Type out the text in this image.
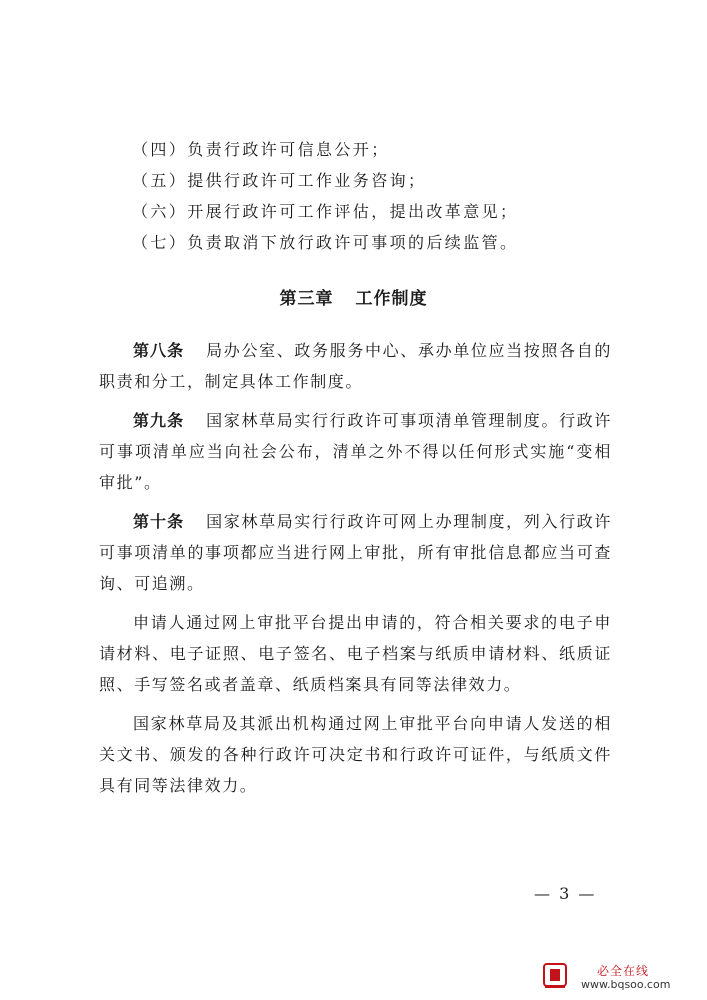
（四）负责行政许可信息公开；
（五）提供行政许可工作业务咨询；
（六）开展行政许可工作评估，提出改革意见；
（七）负责取消下放行政许可事项的后续监管。
第三章 工作制度

第八条 局办公室、政务服务中心、承办单位应当按照各自的职责和分工，制定具体工作制度。

第九条 国家林草局实行行政许可事项清单管理制度。行政许可事项清单应当向社会公布，清单之外不得以任何形式实施“变相审批”。

第十条 国家林草局实行行政许可网上办理制度，列入行政许可事项清单的事项都应当进行网上审批，所有审批信息都应当可查询、可追溯。

申请人通过网上审批平台提出申请的，符合相关要求的电子申请材料、电子证照、电子签名、电子档案与纸质申请材料、纸质证照、手写签名或者盖章、纸质档案具有同等法律效力。

国家林草局及其派出机构通过网上审批平台向申请人发送的相关文书、颁发的各种行政许可决定书和行政许可证件，与纸质文件具有同等法律效力。

— 3 —
必全在线
www.bqsoo.com
